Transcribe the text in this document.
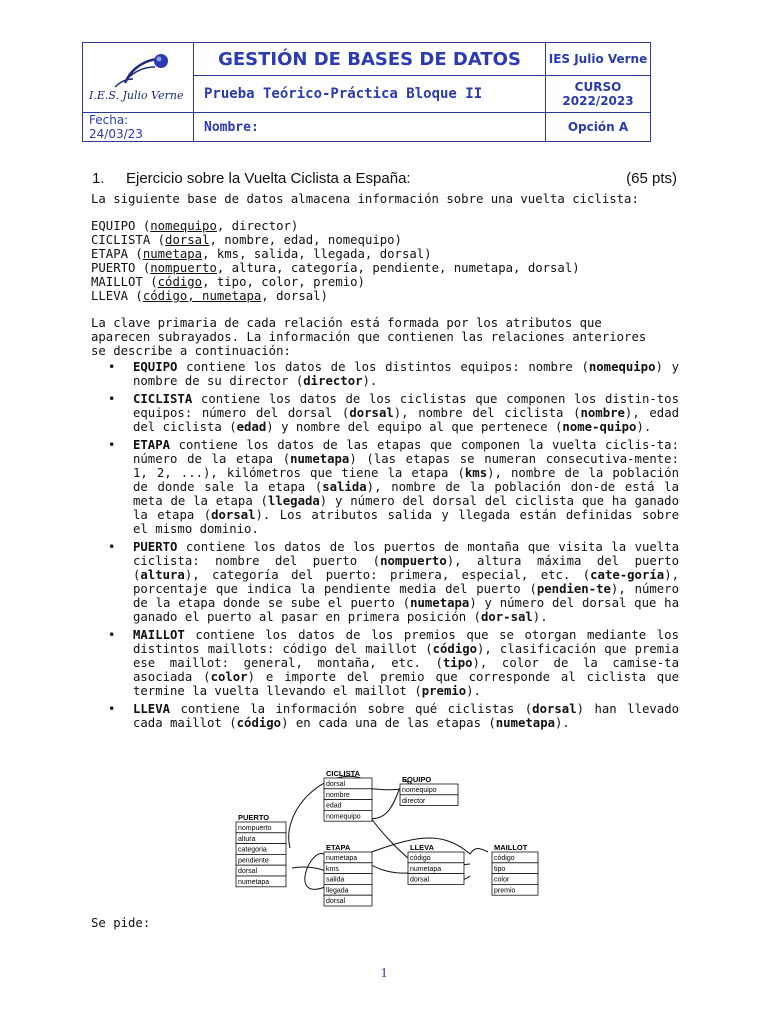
I.E.S. Julio Verne	GESTIÓN DE BASES DE DATOS	IES Julio Verne
	Prueba Teórico-Práctica Bloque II	CURSO
2022/2023

Fecha:
24/03/23	Nombre:	Opción A
1. Ejercicio sobre la Vuelta Ciclista a España:	(65 pts)
La siguiente base de datos almacena información sobre una vuelta ciclista:
EQUIPO (nomequipo, director)
CICLISTA (dorsal, nombre, edad, nomequipo)
ETAPA (numetapa, kms, salida, llegada, dorsal)
PUERTO (nompuerto, altura, categoría, pendiente, numetapa, dorsal)
MAILLOT (código, tipo, color, premio)
LLEVA (código, numetapa, dorsal)
La clave primaria de cada relación está formada por los atributos que
aparecen subrayados. La información que contienen las relaciones anteriores
se describe a continuación:
• EQUIPO contiene los datos de los distintos equipos: nombre (nomequipo) y nombre de su director (director).
• CICLISTA contiene los datos de los ciclistas que componen los distin-tos equipos: número del dorsal (dorsal), nombre del ciclista (nombre), edad del ciclista (edad) y nombre del equipo al que pertenece (nome-quipo).
• ETAPA contiene los datos de las etapas que componen la vuelta ciclis-ta: número de la etapa (numetapa) (las etapas se numeran consecutiva-mente: 1, 2, ...), kilómetros que tiene la etapa (kms), nombre de la población de donde sale la etapa (salida), nombre de la población don-de está la meta de la etapa (llegada) y número del dorsal del ciclista que ha ganado la etapa (dorsal). Los atributos salida y llegada están definidas sobre el mismo dominio.
• PUERTO contiene los datos de los puertos de montaña que visita la vuelta ciclista: nombre del puerto (nompuerto), altura máxima del puerto (altura), categoría del puerto: primera, especial, etc. (cate-goría), porcentaje que indica la pendiente media del puerto (pendien-te), número de la etapa donde se sube el puerto (numetapa) y número del dorsal que ha ganado el puerto al pasar en primera posición (dor-sal).
• MAILLOT contiene los datos de los premios que se otorgan mediante los distintos maillots: código del maillot (código), clasificación que premia ese maillot: general, montaña, etc. (tipo), color de la camise-ta asociada (color) e importe del premio que corresponde al ciclista que termine la vuelta llevando el maillot (premio).
• LLEVA contiene la información sobre qué ciclistas (dorsal) han llevado cada maillot (código) en cada una de las etapas (numetapa).
CICLISTA
dorsal
nombre
edad
nomequipo
EQUIPO
nomequipo
director
PUERTO
nompuerto
altura
categoria
pendiente
dorsal
numetapa
ETAPA
numetapa
kms
salida
llegada
dorsal
LLEVA
código
numetapa
dorsal
MAILLOT
código
tipo
color
premio
Se pide:
1
